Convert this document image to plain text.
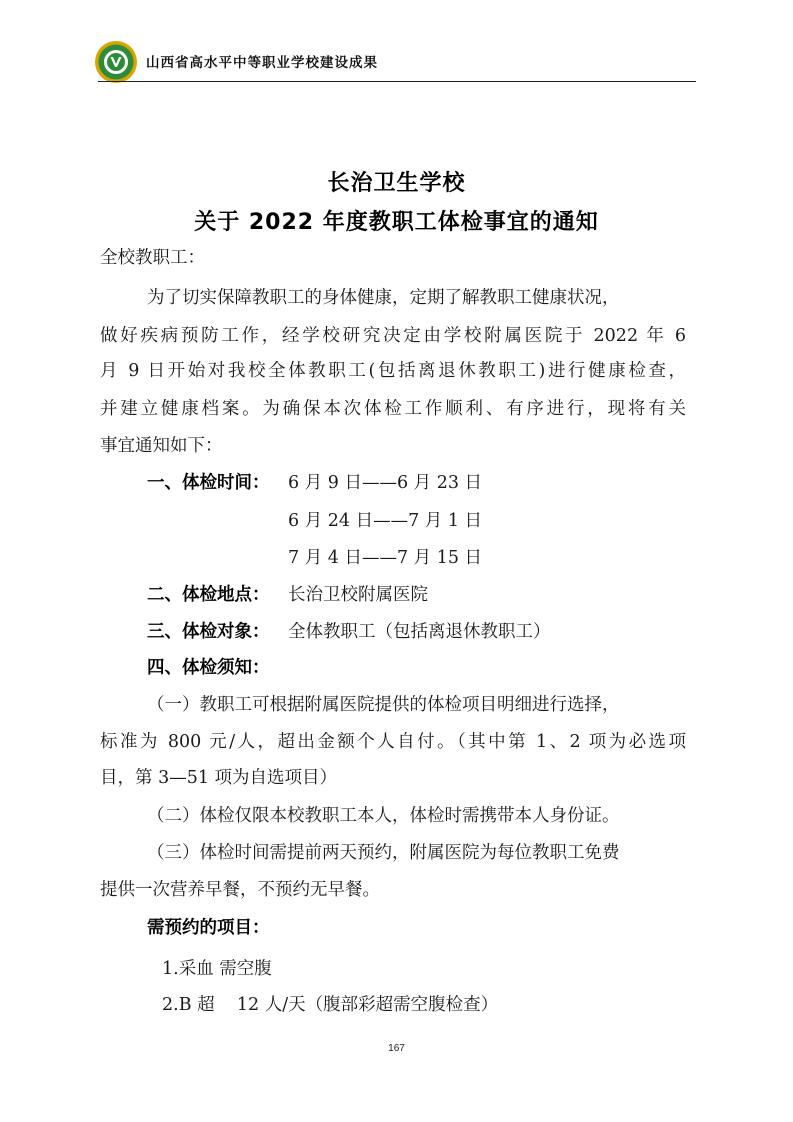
山西省高水平中等职业学校建设成果
长治卫生学校
关于 2022 年度教职工体检事宜的通知
全校教职工：
为了切实保障教职工的身体健康，定期了解教职工健康状况，
做好疾病预防工作，经学校研究决定由学校附属医院于 2022 年 6
月 9 日开始对我校全体教职工(包括离退休教职工)进行健康检查，
并建立健康档案。为确保本次体检工作顺利、有序进行，现将有关
事宜通知如下：
一、体检时间： 6 月 9 日——6 月 23 日
6 月 24 日——7 月 1 日
7 月 4 日——7 月 15 日
二、体检地点： 长治卫校附属医院
三、体检对象： 全体教职工（包括离退休教职工）
四、体检须知：
（一）教职工可根据附属医院提供的体检项目明细进行选择，
标准为 800 元/人，超出金额个人自付。（其中第 1、2 项为必选项
目，第 3—51 项为自选项目）
（二）体检仅限本校教职工本人，体检时需携带本人身份证。
（三）体检时间需提前两天预约，附属医院为每位教职工免费
提供一次营养早餐，不预约无早餐。
需预约的项目：
1.采血 需空腹
2.B 超    12 人/天（腹部彩超需空腹检查）
167
